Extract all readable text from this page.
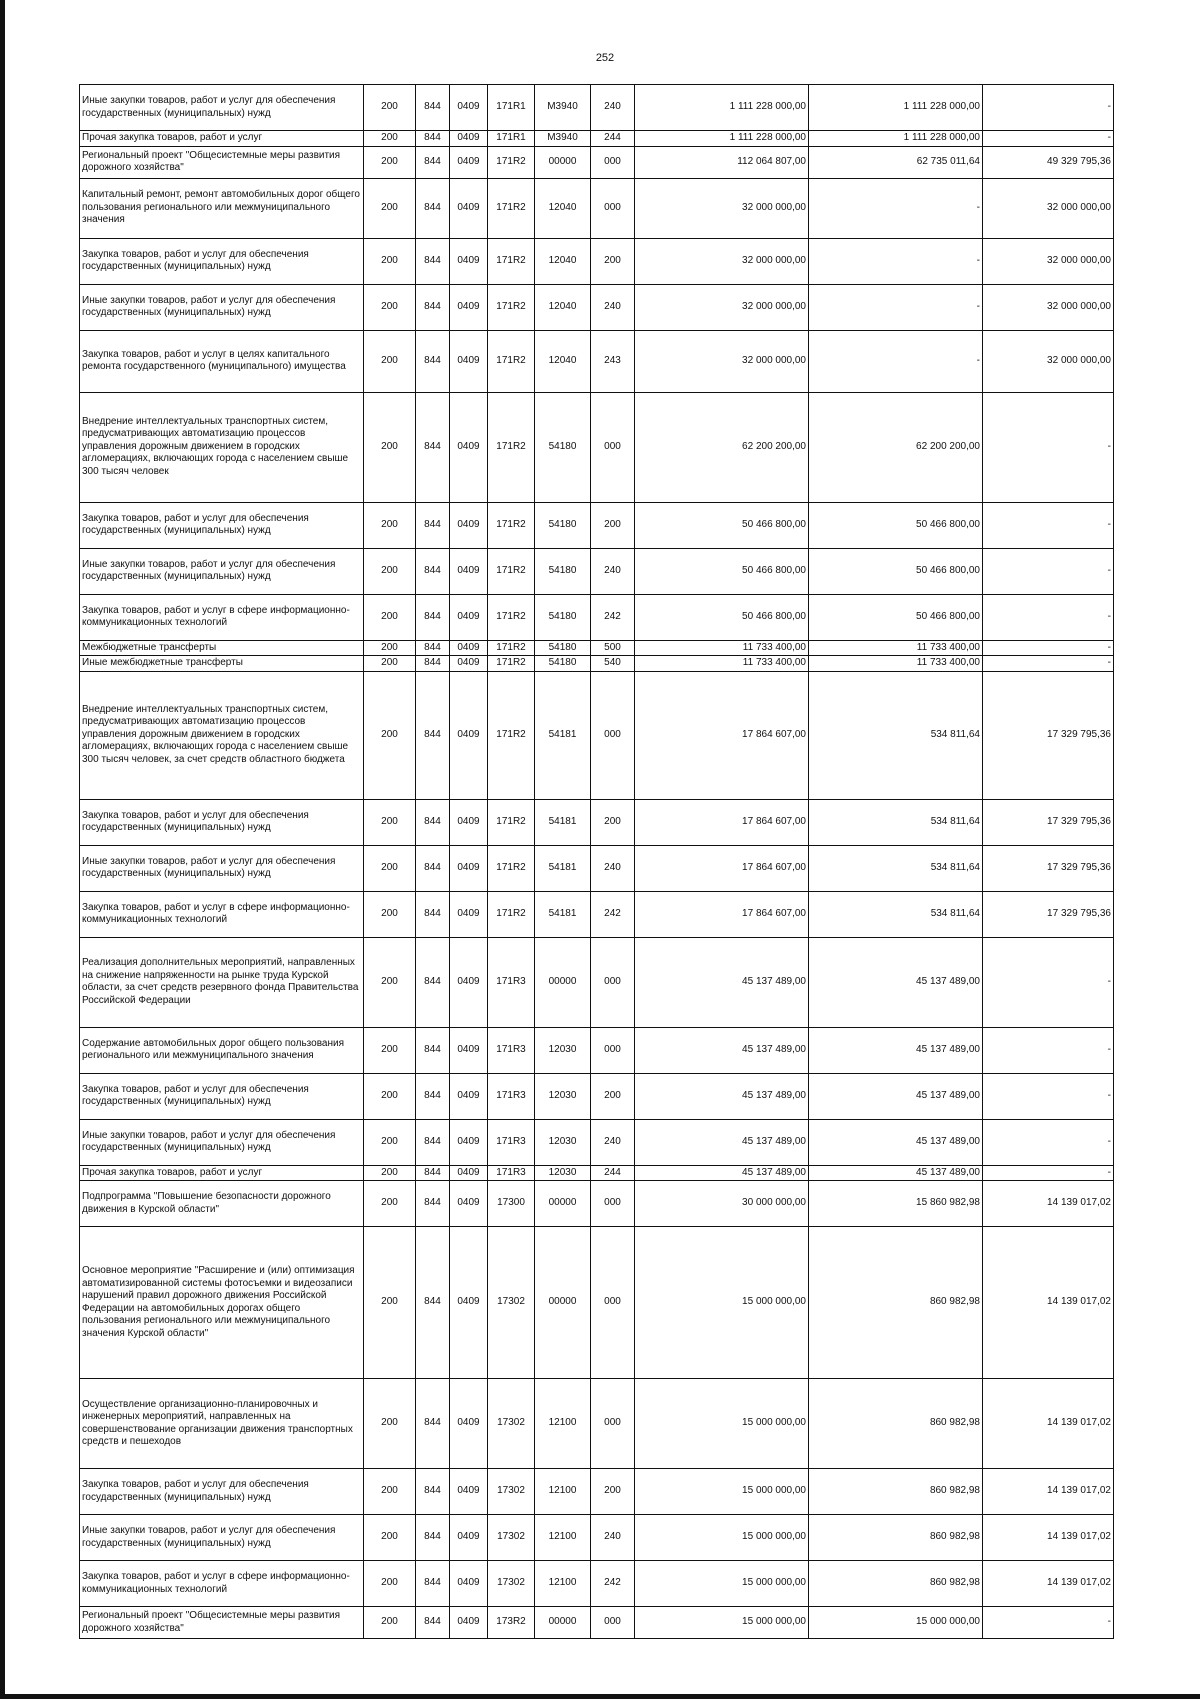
252
Иные закупки товаров, работ и услуг для обеспечения государственных (муниципальных) нужд	200	844	0409	171R1	М3940	240	1 111 228 000,00	1 111 228 000,00	-
Прочая закупка товаров, работ и услуг	200	844	0409	171R1	М3940	244	1 111 228 000,00	1 111 228 000,00	-
Региональный проект "Общесистемные меры развития дорожного хозяйства"	200	844	0409	171R2	00000	000	112 064 807,00	62 735 011,64	49 329 795,36
Капитальный ремонт, ремонт автомобильных дорог общего пользования регионального или межмуниципального значения	200	844	0409	171R2	12040	000	32 000 000,00	-	32 000 000,00
Закупка товаров, работ и услуг для обеспечения государственных (муниципальных) нужд	200	844	0409	171R2	12040	200	32 000 000,00	-	32 000 000,00
Иные закупки товаров, работ и услуг для обеспечения государственных (муниципальных) нужд	200	844	0409	171R2	12040	240	32 000 000,00	-	32 000 000,00
Закупка товаров, работ и услуг в целях капитального ремонта государственного (муниципального) имущества	200	844	0409	171R2	12040	243	32 000 000,00	-	32 000 000,00
Внедрение интеллектуальных транспортных систем, предусматривающих автоматизацию процессов управления дорожным движением в городских агломерациях, включающих города с населением свыше 300 тысяч человек	200	844	0409	171R2	54180	000	62 200 200,00	62 200 200,00	-
Закупка товаров, работ и услуг для обеспечения государственных (муниципальных) нужд	200	844	0409	171R2	54180	200	50 466 800,00	50 466 800,00	-
Иные закупки товаров, работ и услуг для обеспечения государственных (муниципальных) нужд	200	844	0409	171R2	54180	240	50 466 800,00	50 466 800,00	-
Закупка товаров, работ и услуг в сфере информационно-коммуникационных технологий	200	844	0409	171R2	54180	242	50 466 800,00	50 466 800,00	-
Межбюджетные трансферты	200	844	0409	171R2	54180	500	11 733 400,00	11 733 400,00	-
Иные межбюджетные трансферты	200	844	0409	171R2	54180	540	11 733 400,00	11 733 400,00	-
Внедрение интеллектуальных транспортных систем, предусматривающих автоматизацию процессов управления дорожным движением в городских агломерациях, включающих города с населением свыше 300 тысяч человек, за счет средств областного бюджета	200	844	0409	171R2	54181	000	17 864 607,00	534 811,64	17 329 795,36
Закупка товаров, работ и услуг для обеспечения государственных (муниципальных) нужд	200	844	0409	171R2	54181	200	17 864 607,00	534 811,64	17 329 795,36
Иные закупки товаров, работ и услуг для обеспечения государственных (муниципальных) нужд	200	844	0409	171R2	54181	240	17 864 607,00	534 811,64	17 329 795,36
Закупка товаров, работ и услуг в сфере информационно-коммуникационных технологий	200	844	0409	171R2	54181	242	17 864 607,00	534 811,64	17 329 795,36
Реализация дополнительных мероприятий, направленных на снижение напряженности на рынке труда Курской области, за счет средств резервного фонда Правительства Российской Федерации	200	844	0409	171R3	00000	000	45 137 489,00	45 137 489,00	-
Содержание автомобильных дорог общего пользования регионального или межмуниципального значения	200	844	0409	171R3	12030	000	45 137 489,00	45 137 489,00	-
Закупка товаров, работ и услуг для обеспечения государственных (муниципальных) нужд	200	844	0409	171R3	12030	200	45 137 489,00	45 137 489,00	-
Иные закупки товаров, работ и услуг для обеспечения государственных (муниципальных) нужд	200	844	0409	171R3	12030	240	45 137 489,00	45 137 489,00	-
Прочая закупка товаров, работ и услуг	200	844	0409	171R3	12030	244	45 137 489,00	45 137 489,00	-
Подпрограмма "Повышение безопасности дорожного движения в Курской области"	200	844	0409	17300	00000	000	30 000 000,00	15 860 982,98	14 139 017,02
Основное мероприятие "Расширение и (или) оптимизация автоматизированной системы фотосъемки и видеозаписи нарушений правил дорожного движения Российской Федерации на автомобильных дорогах общего пользования регионального или межмуниципального значения Курской области"	200	844	0409	17302	00000	000	15 000 000,00	860 982,98	14 139 017,02
Осуществление организационно-планировочных и инженерных мероприятий, направленных на совершенствование организации движения транспортных средств и пешеходов	200	844	0409	17302	12100	000	15 000 000,00	860 982,98	14 139 017,02
Закупка товаров, работ и услуг для обеспечения государственных (муниципальных) нужд	200	844	0409	17302	12100	200	15 000 000,00	860 982,98	14 139 017,02
Иные закупки товаров, работ и услуг для обеспечения государственных (муниципальных) нужд	200	844	0409	17302	12100	240	15 000 000,00	860 982,98	14 139 017,02
Закупка товаров, работ и услуг в сфере информационно-коммуникационных технологий	200	844	0409	17302	12100	242	15 000 000,00	860 982,98	14 139 017,02
Региональный проект "Общесистемные меры развития дорожного хозяйства"	200	844	0409	173R2	00000	000	15 000 000,00	15 000 000,00	-
